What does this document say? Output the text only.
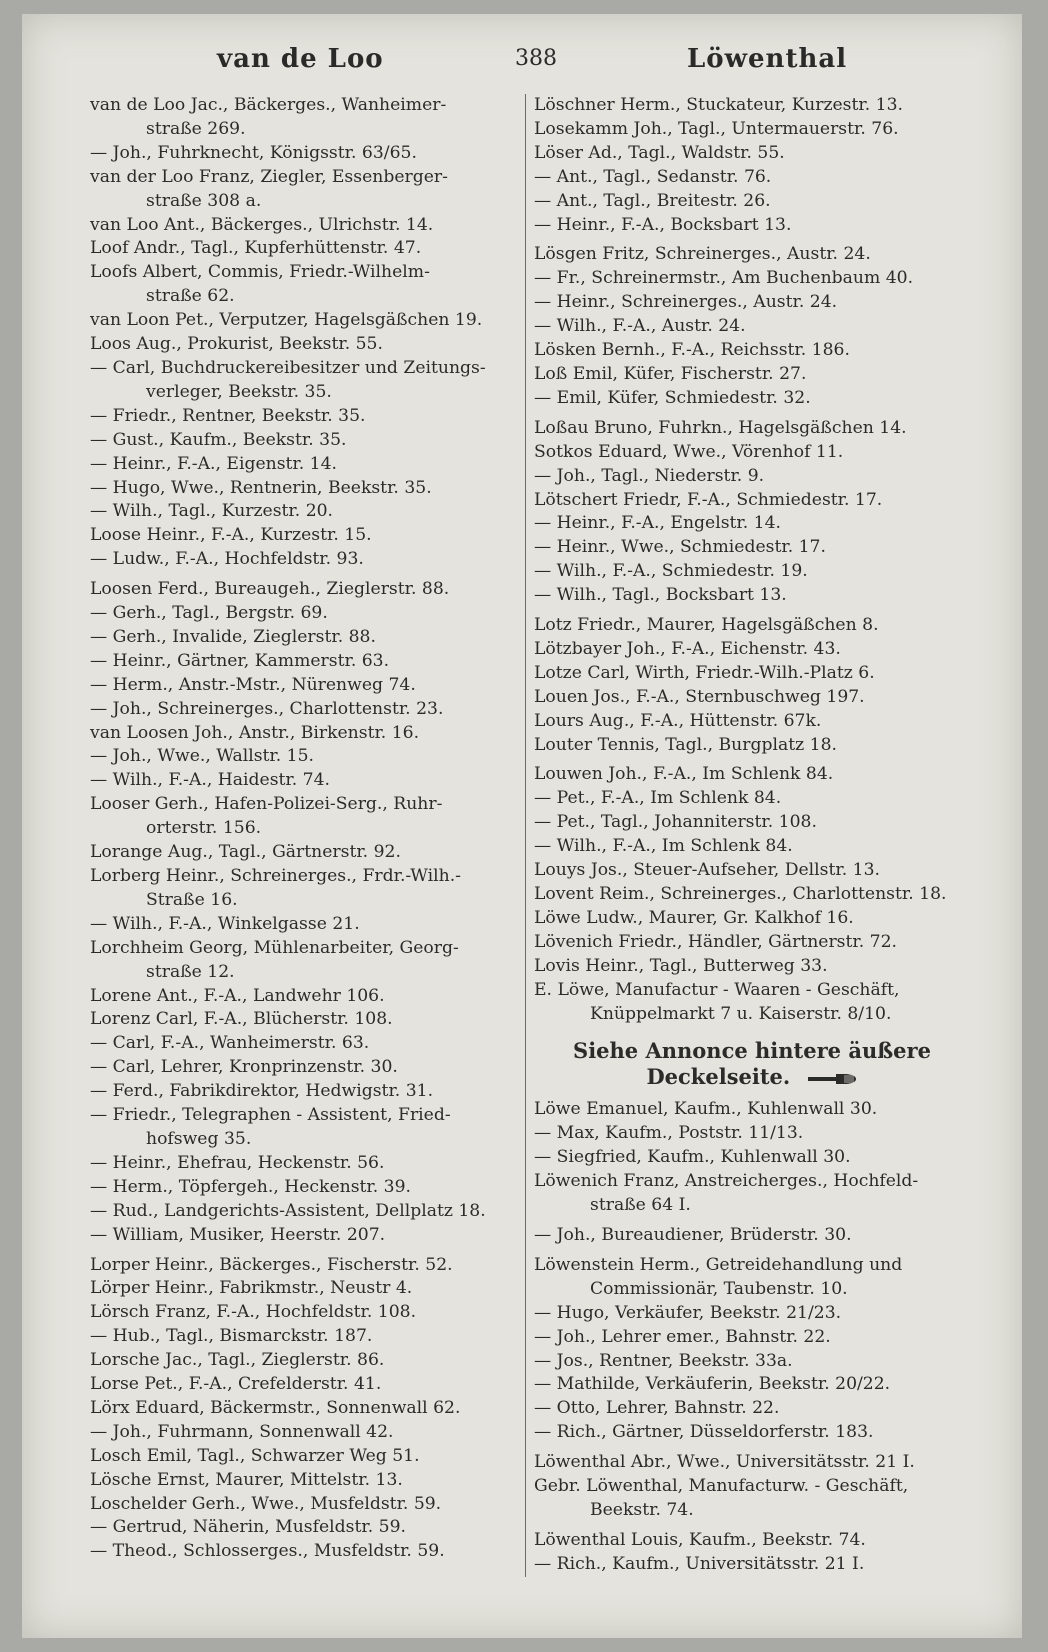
van de Loo	388	Löwenthal
van de Loo Jac., Bäckerges., Wanheimer-
straße 269.
— Joh., Fuhrknecht, Königsstr. 63/65.
van der Loo Franz, Ziegler, Essenberger-
straße 308 a.
van Loo Ant., Bäckerges., Ulrichstr. 14.
Loof Andr., Tagl., Kupferhüttenstr. 47.
Loofs Albert, Commis, Friedr.-Wilhelm-
straße 62.
van Loon Pet., Verputzer, Hagelsgäßchen 19.
Loos Aug., Prokurist, Beekstr. 55.
— Carl, Buchdruckereibesitzer und Zeitungs-
verleger, Beekstr. 35.
— Friedr., Rentner, Beekstr. 35.
— Gust., Kaufm., Beekstr. 35.
— Heinr., F.-A., Eigenstr. 14.
— Hugo, Wwe., Rentnerin, Beekstr. 35.
— Wilh., Tagl., Kurzestr. 20.
Loose Heinr., F.-A., Kurzestr. 15.
— Ludw., F.-A., Hochfeldstr. 93.
Loosen Ferd., Bureaugeh., Zieglerstr. 88.
— Gerh., Tagl., Bergstr. 69.
— Gerh., Invalide, Zieglerstr. 88.
— Heinr., Gärtner, Kammerstr. 63.
— Herm., Anstr.-Mstr., Nürenweg 74.
— Joh., Schreinerges., Charlottenstr. 23.
van Loosen Joh., Anstr., Birkenstr. 16.
— Joh., Wwe., Wallstr. 15.
— Wilh., F.-A., Haidestr. 74.
Looser Gerh., Hafen-Polizei-Serg., Ruhr-
orterstr. 156.
Lorange Aug., Tagl., Gärtnerstr. 92.
Lorberg Heinr., Schreinerges., Frdr.-Wilh.-
Straße 16.
— Wilh., F.-A., Winkelgasse 21.
Lorchheim Georg, Mühlenarbeiter, Georg-
straße 12.
Lorene Ant., F.-A., Landwehr 106.
Lorenz Carl, F.-A., Blücherstr. 108.
— Carl, F.-A., Wanheimerstr. 63.
— Carl, Lehrer, Kronprinzenstr. 30.
— Ferd., Fabrikdirektor, Hedwigstr. 31.
— Friedr., Telegraphen - Assistent, Fried-
hofsweg 35.
— Heinr., Ehefrau, Heckenstr. 56.
— Herm., Töpfergeh., Heckenstr. 39.
— Rud., Landgerichts-Assistent, Dellplatz 18.
— William, Musiker, Heerstr. 207.
Lorper Heinr., Bäckerges., Fischerstr. 52.
Lörper Heinr., Fabrikmstr., Neustr 4.
Lörsch Franz, F.-A., Hochfeldstr. 108.
— Hub., Tagl., Bismarckstr. 187.
Lorsche Jac., Tagl., Zieglerstr. 86.
Lorse Pet., F.-A., Crefelderstr. 41.
Lörx Eduard, Bäckermstr., Sonnenwall 62.
— Joh., Fuhrmann, Sonnenwall 42.
Losch Emil, Tagl., Schwarzer Weg 51.
Lösche Ernst, Maurer, Mittelstr. 13.
Loschelder Gerh., Wwe., Musfeldstr. 59.
— Gertrud, Näherin, Musfeldstr. 59.
— Theod., Schlosserges., Musfeldstr. 59.
Löschner Herm., Stuckateur, Kurzestr. 13.
Losekamm Joh., Tagl., Untermauerstr. 76.
Löser Ad., Tagl., Waldstr. 55.
— Ant., Tagl., Sedanstr. 76.
— Ant., Tagl., Breitestr. 26.
— Heinr., F.-A., Bocksbart 13.
Lösgen Fritz, Schreinerges., Austr. 24.
— Fr., Schreinermstr., Am Buchenbaum 40.
— Heinr., Schreinerges., Austr. 24.
— Wilh., F.-A., Austr. 24.
Lösken Bernh., F.-A., Reichsstr. 186.
Loß Emil, Küfer, Fischerstr. 27.
— Emil, Küfer, Schmiedestr. 32.
Loßau Bruno, Fuhrkn., Hagelsgäßchen 14.
Sotkos Eduard, Wwe., Vörenhof 11.
— Joh., Tagl., Niederstr. 9.
Lötschert Friedr, F.-A., Schmiedestr. 17.
— Heinr., F.-A., Engelstr. 14.
— Heinr., Wwe., Schmiedestr. 17.
— Wilh., F.-A., Schmiedestr. 19.
— Wilh., Tagl., Bocksbart 13.
Lotz Friedr., Maurer, Hagelsgäßchen 8.
Lötzbayer Joh., F.-A., Eichenstr. 43.
Lotze Carl, Wirth, Friedr.-Wilh.-Platz 6.
Louen Jos., F.-A., Sternbuschweg 197.
Lours Aug., F.-A., Hüttenstr. 67k.
Louter Tennis, Tagl., Burgplatz 18.
Louwen Joh., F.-A., Im Schlenk 84.
— Pet., F.-A., Im Schlenk 84.
— Pet., Tagl., Johanniterstr. 108.
— Wilh., F.-A., Im Schlenk 84.
Louys Jos., Steuer-Aufseher, Dellstr. 13.
Lovent Reim., Schreinerges., Charlottenstr. 18.
Löwe Ludw., Maurer, Gr. Kalkhof 16.
Lövenich Friedr., Händler, Gärtnerstr. 72.
Lovis Heinr., Tagl., Butterweg 33.
E. Löwe, Manufactur - Waaren - Geschäft,
Knüppelmarkt 7 u. Kaiserstr. 8/10.
Siehe Annonce hintere äußere
Deckelseite.
Löwe Emanuel, Kaufm., Kuhlenwall 30.
— Max, Kaufm., Poststr. 11/13.
— Siegfried, Kaufm., Kuhlenwall 30.
Löwenich Franz, Anstreicherges., Hochfeld-
straße 64 I.
— Joh., Bureaudiener, Brüderstr. 30.
Löwenstein Herm., Getreidehandlung und
Commissionär, Taubenstr. 10.
— Hugo, Verkäufer, Beekstr. 21/23.
— Joh., Lehrer emer., Bahnstr. 22.
— Jos., Rentner, Beekstr. 33a.
— Mathilde, Verkäuferin, Beekstr. 20/22.
— Otto, Lehrer, Bahnstr. 22.
— Rich., Gärtner, Düsseldorferstr. 183.
Löwenthal Abr., Wwe., Universitätsstr. 21 I.
Gebr. Löwenthal, Manufacturw. - Geschäft,
Beekstr. 74.
Löwenthal Louis, Kaufm., Beekstr. 74.
— Rich., Kaufm., Universitätsstr. 21 I.
